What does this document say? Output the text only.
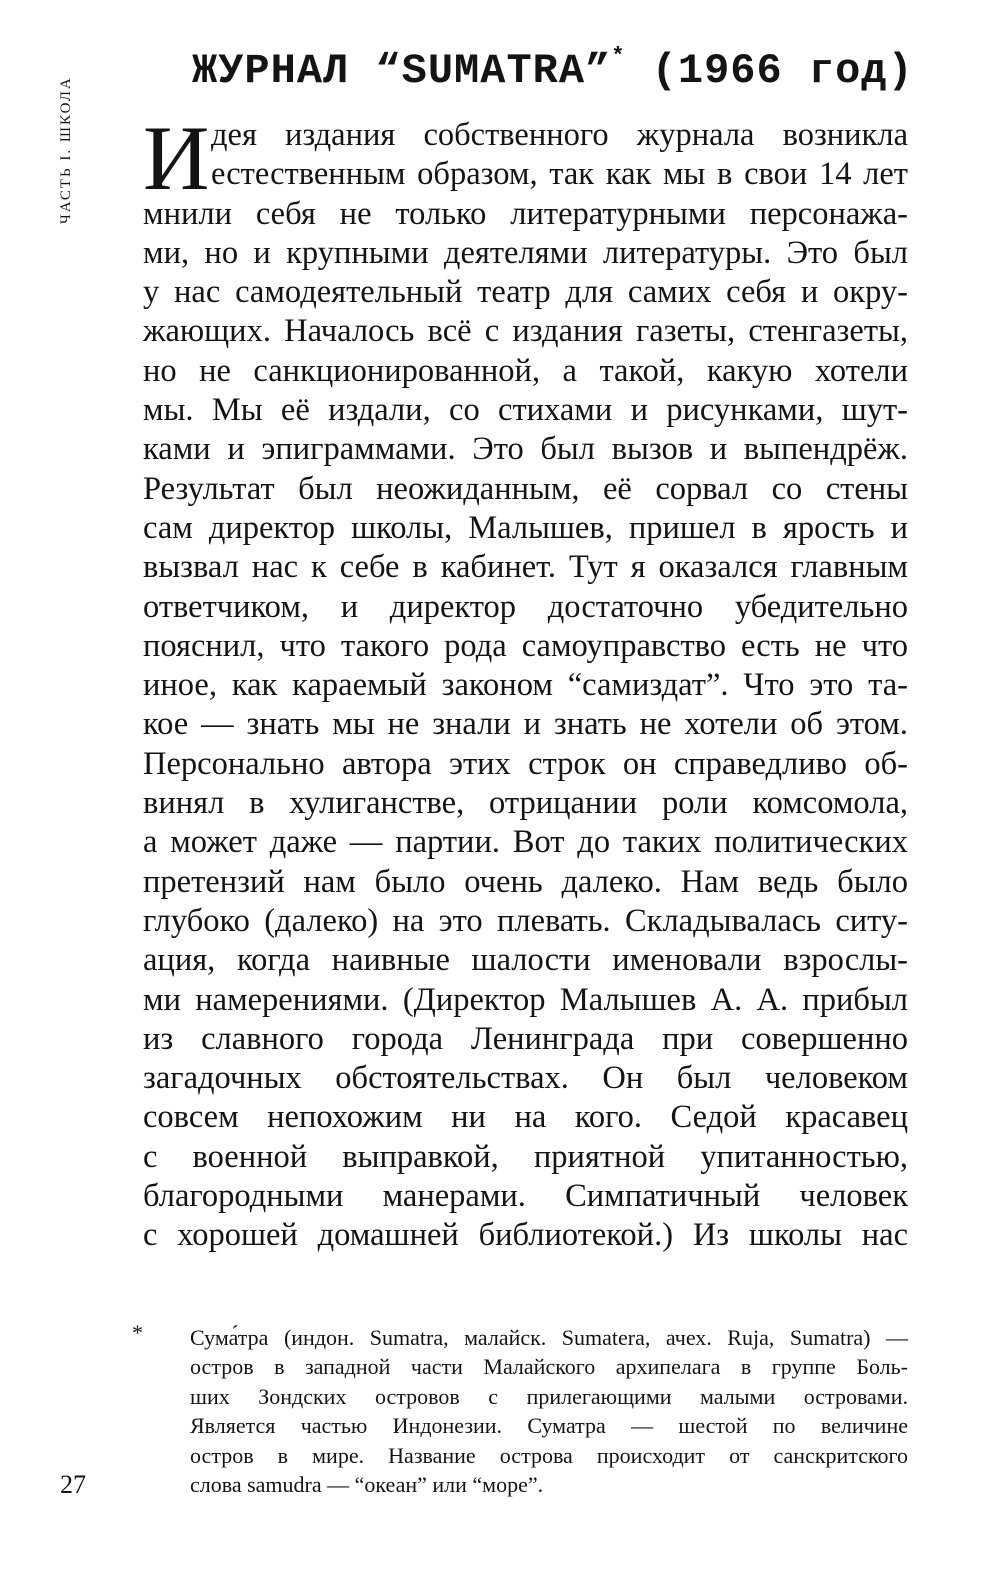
ЧАСТЬ I. ШКОЛА
ЖУРНАЛ “SUMATRA”* (1966 год)
И дея издания собственного журнала возникла
естественным образом, так как мы в свои 14 лет
мнили себя не только литературными персонажа-
ми, но и крупными деятелями литературы. Это был
у нас самодеятельный театр для самих себя и окру-
жающих. Началось всё с издания газеты, стенгазеты,
но не санкционированной, а такой, какую хотели
мы. Мы её издали, со стихами и рисунками, шут-
ками и эпиграммами. Это был вызов и выпендрёж.
Результат был неожиданным, её сорвал со стены
сам директор школы, Малышев, пришел в ярость и
вызвал нас к себе в кабинет. Тут я оказался главным
ответчиком, и директор достаточно убедительно
пояснил, что такого рода самоуправство есть не что
иное, как караемый законом “самиздат”. Что это та-
кое — знать мы не знали и знать не хотели об этом.
Персонально автора этих строк он справедливо об-
винял в хулиганстве, отрицании роли комсомола,
а может даже — партии. Вот до таких политических
претензий нам было очень далеко. Нам ведь было
глубоко (далеко) на это плевать. Складывалась ситу-
ация, когда наивные шалости именовали взрослы-
ми намерениями. (Директор Малышев А. А. прибыл
из славного города Ленинграда при совершенно
загадочных обстоятельствах. Он был человеком
совсем непохожим ни на кого. Седой красавец
с военной выправкой, приятной упитанностью,
благородными манерами. Симпатичный человек
с хорошей домашней библиотекой.) Из школы нас
* Сума́тра (индон. Sumatra, малайск. Sumatera, ачех. Ruja, Sumatra) —
остров в западной части Малайского архипелага в группе Боль-
ших Зондских островов с прилегающими малыми островами.
Является частью Индонезии. Суматра — шестой по величине
остров в мире. Название острова происходит от санскритского
слова samudra — “океан” или “море”.
27
